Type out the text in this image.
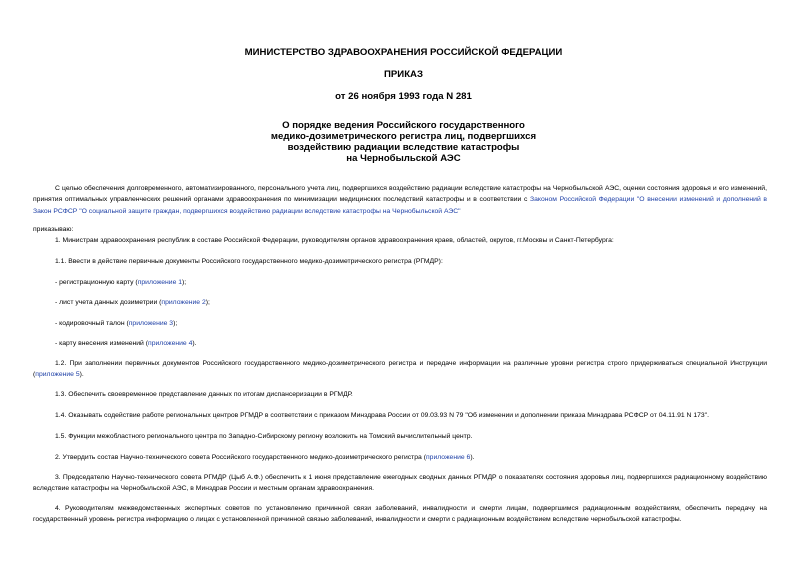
МИНИСТЕРСТВО ЗДРАВООХРАНЕНИЯ РОССИЙСКОЙ ФЕДЕРАЦИИ
ПРИКАЗ
от 26 ноября 1993 года N 281
О порядке ведения Российского государственного
медико-дозиметрического регистра лиц, подвергшихся
воздействию радиации вследствие катастрофы
на Чернобыльской АЭС
С целью обеспечения долговременного, автоматизированного, персонального учета лиц, подвергшихся воздействию радиации вследствие катастрофы на Чернобыльской АЭС, оценки состояния здоровья и его изменений, принятия оптимальных управленческих решений органами здравоохранения по минимизации медицинских последствий катастрофы и в соответствии с Законом Российской Федерации "О внесении изменений и дополнений в Закон РСФСР "О социальной защите граждан, подвергшихся воздействию радиации вследствие катастрофы на Чернобыльской АЭС"
приказываю:
1. Министрам здравоохранения республик в составе Российской Федерации, руководителям органов здравоохранения краев, областей, округов, гг.Москвы и Санкт-Петербурга:
1.1. Ввести в действие первичные документы Российского государственного медико-дозиметрического регистра (РГМДР):
- регистрационную карту (приложение 1);
- лист учета данных дозиметрии (приложение 2);
- кодировочный талон (приложение 3);
- карту внесения изменений (приложение 4).
1.2. При заполнении первичных документов Российского государственного медико-дозиметрического регистра и передаче информации на различные уровни регистра строго придерживаться специальной Инструкции (приложение 5).
1.3. Обеспечить своевременное представление данных по итогам диспансеризации в РГМДР.
1.4. Оказывать содействие работе региональных центров РГМДР в соответствии с приказом Минздрава России от 09.03.93 N 79 "Об изменении и дополнении приказа Минздрава РСФСР от 04.11.91 N 173".
1.5. Функции межобластного регионального центра по Западно-Сибирскому региону возложить на Томский вычислительный центр.
2. Утвердить состав Научно-технического совета Российского государственного медико-дозиметрического регистра (приложение 6).
3. Председателю Научно-технического совета РГМДР (Цыб А.Ф.) обеспечить к 1 июня представление ежегодных сводных данных РГМДР о показателях состояния здоровья лиц, подвергшихся радиационному воздействию вследствие катастрофы на Чернобыльской АЭС, в Минздрав России и местным органам здравоохранения.
4. Руководителям межведомственных экспертных советов по установлению причинной связи заболеваний, инвалидности и смерти лицам, подвергшимся радиационным воздействиям, обеспечить передачу на государственный уровень регистра информацию о лицах с установленной причинной связью заболеваний, инвалидности и смерти с радиационным воздействием вследствие чернобыльской катастрофы.
